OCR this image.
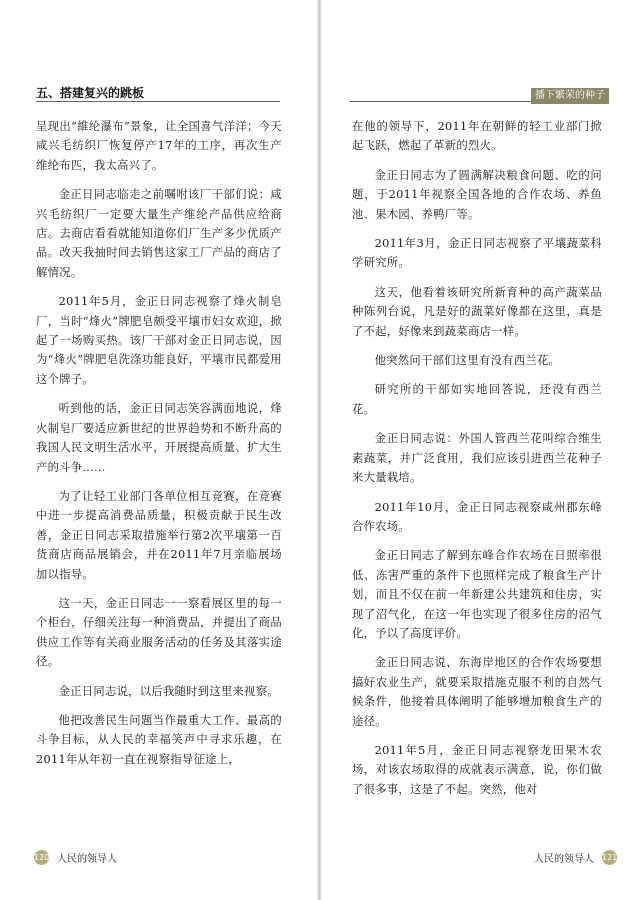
五、搭建复兴的跳板

呈现出“維纶瀑布”景象，让全国喜气洋洋；今天咸兴毛纺织厂恢复停产17年的工序，再次生产维纶布匹，我太高兴了。

金正日同志临走之前嘱咐该厂干部们说：咸兴毛纺织厂一定要大量生产维纶产品供应给商店。去商店看看就能知道你们厂生产多少优质产品。改天我抽时间去销售这家工厂产品的商店了解情况。

2011年5月，金正日同志视察了烽火制皂厂，当时“烽火”牌肥皂颇受平壤市妇女欢迎，掀起了一场购买热。该厂干部对金正日同志说，因为“烽火”牌肥皂洗涤功能良好，平壤市民都爱用这个牌子。

听到他的话，金正日同志笑容满面地说，烽火制皂厂要适应新世纪的世界趋势和不断升高的我国人民文明生活水平，开展提高质量、扩大生产的斗争……

为了让轻工业部门各单位相互竞赛，在竞赛中进一步提高消费品质量，积极贡献于民生改善，金正日同志采取措施举行第2次平壤第一百货商店商品展销会，并在2011年7月亲临展场加以指导。

这一天，金正日同志一一察看展区里的每一个柜台，仔细关注每一种消费品，并提出了商品供应工作等有关商业服务活动的任务及其落实途径。

金正日同志说，以后我随时到这里来视察。

他把改善民生问题当作最重大工作、最高的斗争目标，从人民的幸福笑声中寻求乐趣，在2011年从年初一直在视察指导征途上，

120 人民的领导人
播下繁荣的种子

在他的领导下，2011年在朝鲜的轻工业部门掀起飞跃，燃起了革新的烈火。

金正日同志为了圆满解决粮食问题、吃的问题，于2011年视察全国各地的合作农场、养鱼池、果木园、养鸭厂等。

2011年3月，金正日同志视察了平壤蔬菜科学研究所。

这天，他看着该研究所新育种的高产蔬菜品种陈列台说，凡是好的蔬菜好像都在这里，真是了不起，好像来到蔬菜商店一样。

他突然问干部们这里有没有西兰花。

研究所的干部如实地回答说，还没有西兰花。

金正日同志说：外国人管西兰花叫综合维生素蔬菜，并广泛食用，我们应该引进西兰花种子来大量栽培。

2011年10月，金正日同志视察咸州郡东峰合作农场。

金正日同志了解到东峰合作农场在日照率很低、冻害严重的条件下也照样完成了粮食生产计划，而且不仅在前一年新建公共建筑和住房，实现了沼气化，在这一年也实现了很多住房的沼气化，予以了高度评价。

金正日同志说，东海岸地区的合作农场要想搞好农业生产，就要采取措施克服不利的自然气候条件，他接着具体阐明了能够增加粮食生产的途径。

2011年5月，金正日同志视察龙田果木农场，对该农场取得的成就表示满意，说，你们做了很多事，这是了不起。突然，他对

人民的领导人 121
